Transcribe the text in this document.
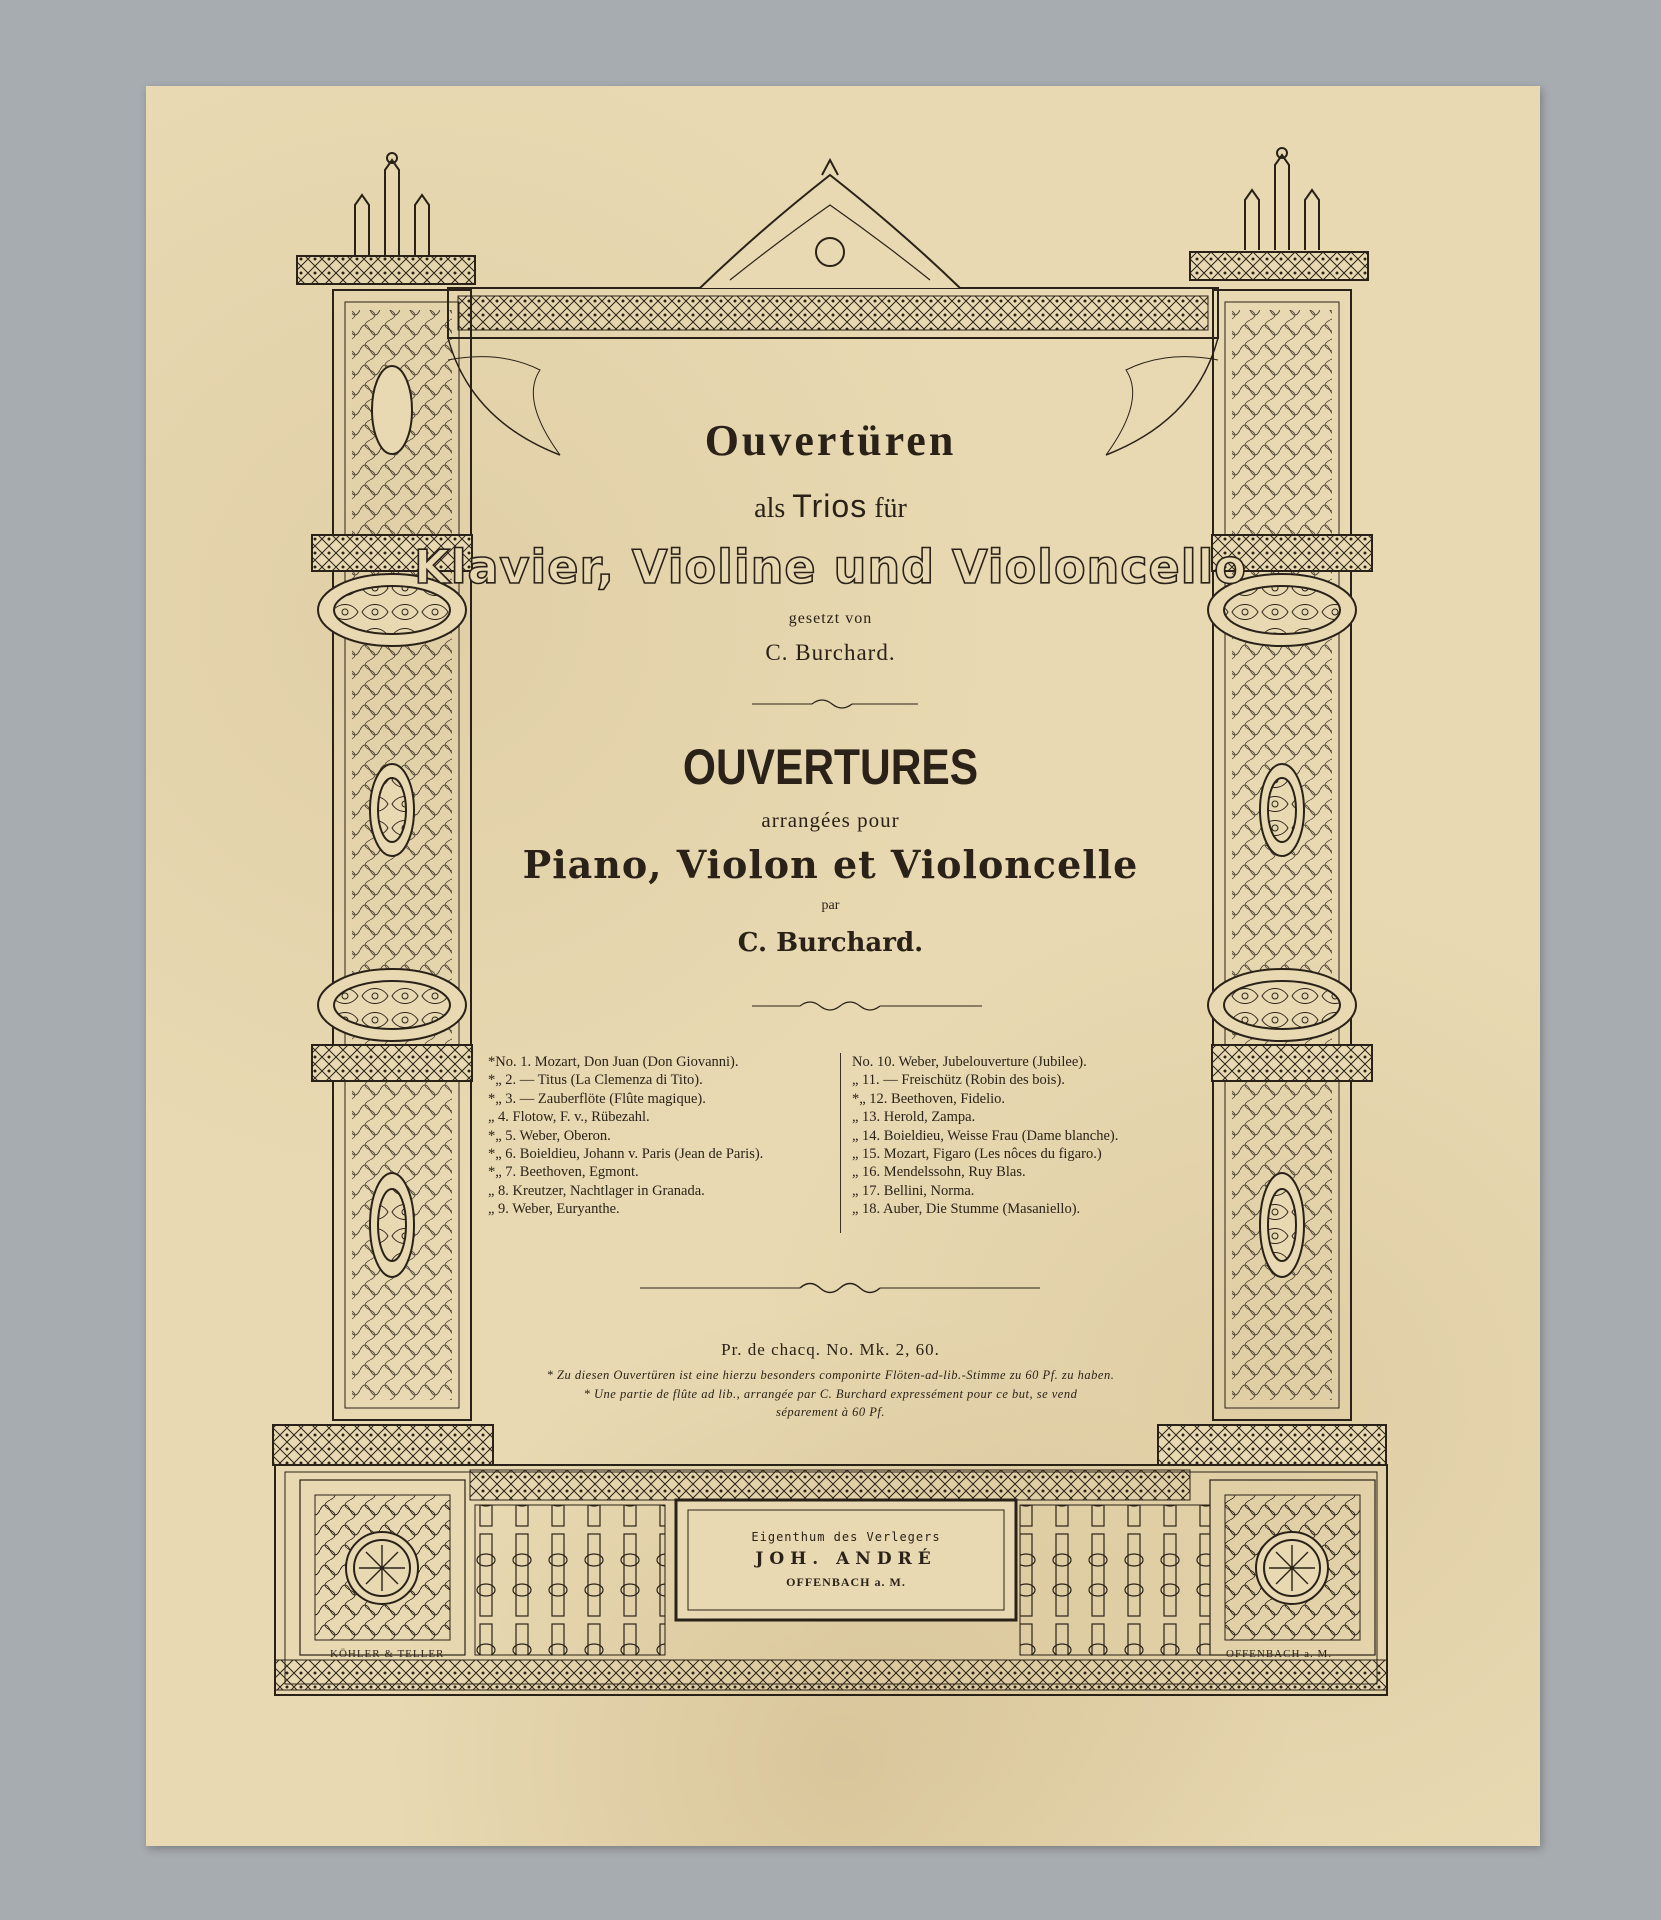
Ouvertüren
als Trios für
Klavier, Violine und Violoncello
gesetzt von
C. Burchard.
OUVERTURES
arrangées pour
Piano, Violon et Violoncelle
par
C. Burchard.
*No. 1. Mozart, Don Juan (Don Giovanni).
*„ 2. — Titus (La Clemenza di Tito).
*„ 3. — Zauberflöte (Flûte magique).
„ 4. Flotow, F. v., Rübezahl.
*„ 5. Weber, Oberon.
*„ 6. Boieldieu, Johann v. Paris (Jean de Paris).
*„ 7. Beethoven, Egmont.
„ 8. Kreutzer, Nachtlager in Granada.
„ 9. Weber, Euryanthe.
No. 10. Weber, Jubelouverture (Jubilee).
„ 11. — Freischütz (Robin des bois).
*„ 12. Beethoven, Fidelio.
„ 13. Herold, Zampa.
„ 14. Boieldieu, Weisse Frau (Dame blanche).
„ 15. Mozart, Figaro (Les nôces du figaro.)
„ 16. Mendelssohn, Ruy Blas.
„ 17. Bellini, Norma.
„ 18. Auber, Die Stumme (Masaniello).
Pr. de chacq. No. Mk. 2, 60.
* Zu diesen Ouvertüren ist eine hierzu besonders componirte Flöten-ad-lib.-Stimme zu 60 Pf. zu haben.
* Une partie de flûte ad lib., arrangée par C. Burchard expressément pour ce but, se vend
séparement à 60 Pf.
Eigenthum des Verlegers
JOH. ANDRÉ
OFFENBACH a. M.
KÖHLER & TELLER	OFFENBACH a. M.
